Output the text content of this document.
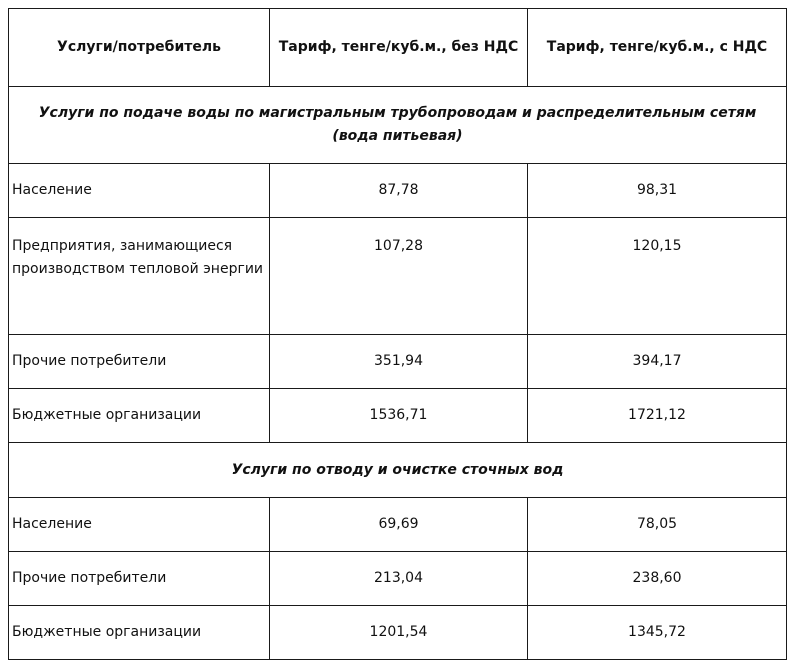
Услуги/потребитель	Тариф, тенге/куб.м., без НДС	Тариф, тенге/куб.м., с НДС
Услуги по подаче воды по магистральным трубопроводам и распределительным сетям (вода питьевая)		
Население	87,78	98,31
Предприятия, занимающиеся производством тепловой энергии	107,28	120,15
Прочие потребители	351,94	394,17
Бюджетные организации	1536,71	1721,12
Услуги по отводу и очистке сточных вод		
Население	69,69	78,05
Прочие потребители	213,04	238,60
Бюджетные организации	1201,54	1345,72
